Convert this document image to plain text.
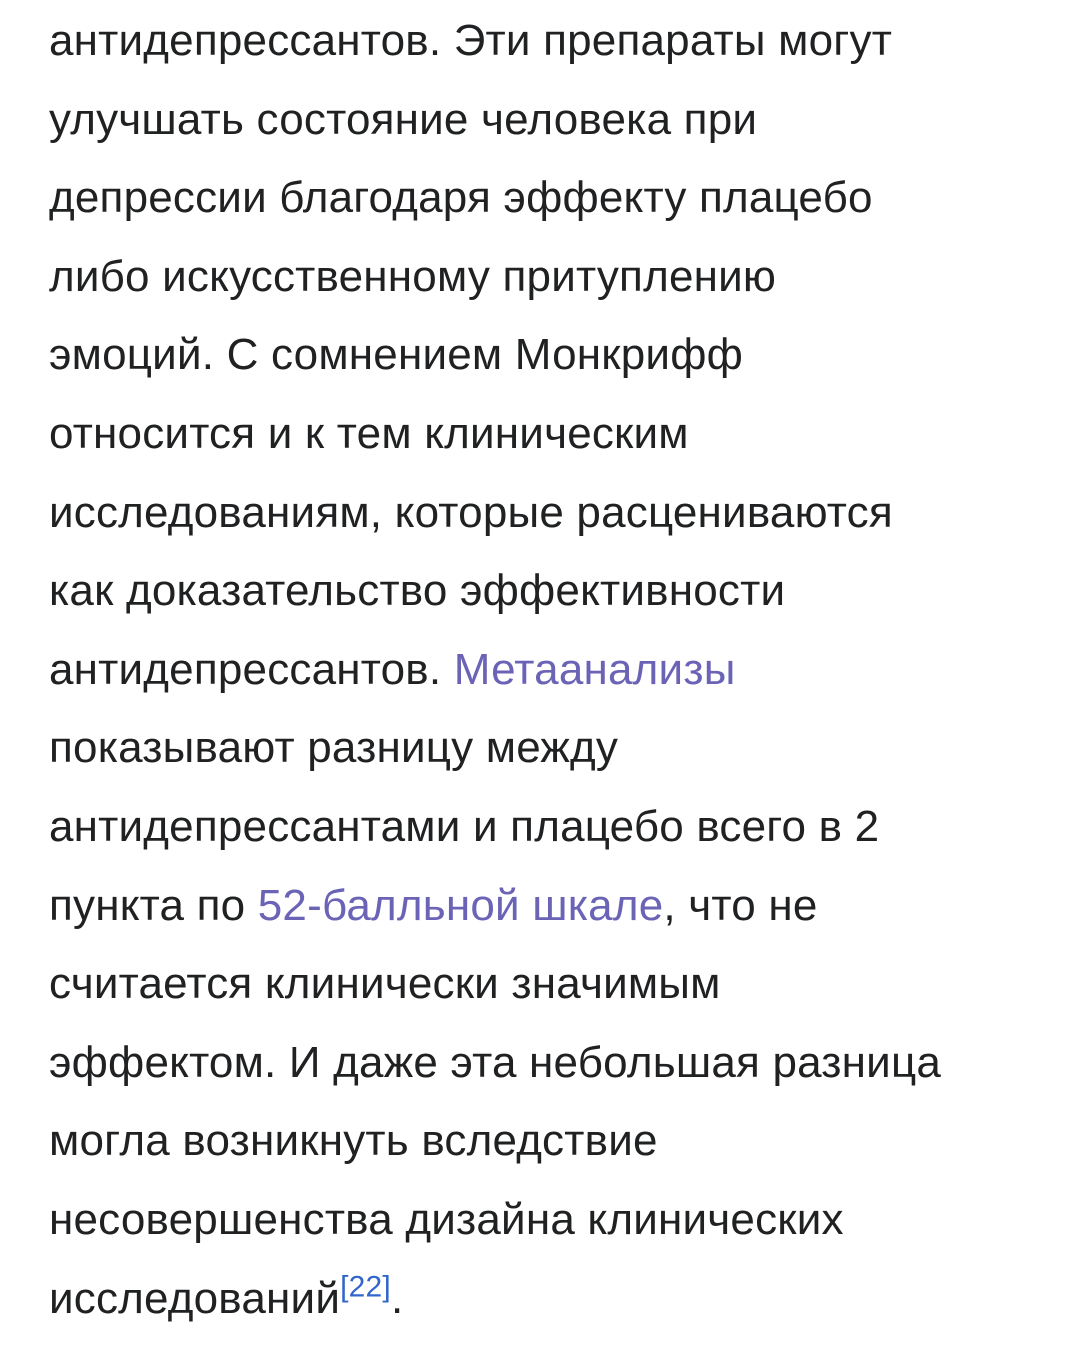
антидепрессантов. Эти препараты могут
улучшать состояние человека при
депрессии благодаря эффекту плацебо
либо искусственному притуплению
эмоций. С сомнением Монкрифф
относится и к тем клиническим
исследованиям, которые расцениваются
как доказательство эффективности
антидепрессантов. Метаанализы
показывают разницу между
антидепрессантами и плацебо всего в 2
пункта по 52-балльной шкале, что не
считается клинически значимым
эффектом. И даже эта небольшая разница
могла возникнуть вследствие
несовершенства дизайна клинических
исследований[22].
